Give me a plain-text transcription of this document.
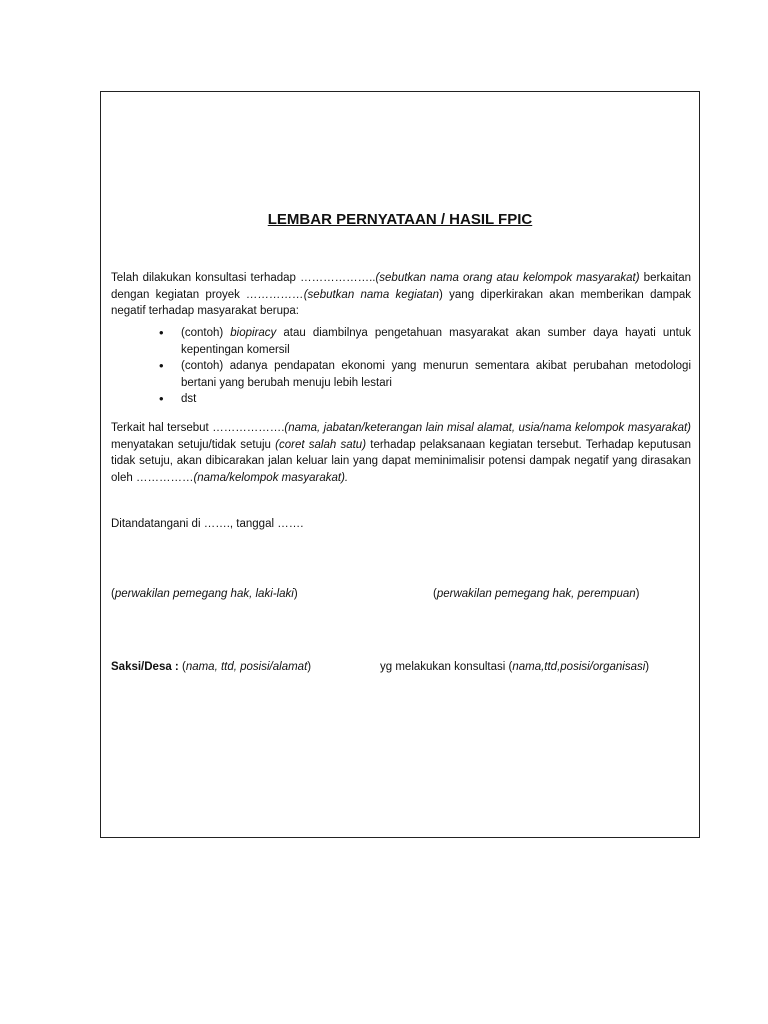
LEMBAR PERNYATAAN / HASIL FPIC
Telah dilakukan konsultasi terhadap ………………..(sebutkan nama orang atau kelompok masyarakat) berkaitan dengan kegiatan proyek ……………(sebutkan nama kegiatan) yang diperkirakan akan memberikan dampak negatif terhadap masyarakat berupa:
• (contoh) biopiracy atau diambilnya pengetahuan masyarakat akan sumber daya hayati untuk kepentingan komersil
• (contoh) adanya pendapatan ekonomi yang menurun sementara akibat perubahan metodologi bertani yang berubah menuju lebih lestari
• dst
Terkait hal tersebut ……………….(nama, jabatan/keterangan lain misal alamat, usia/nama kelompok masyarakat) menyatakan setuju/tidak setuju (coret salah satu) terhadap pelaksanaan kegiatan tersebut. Terhadap keputusan tidak setuju, akan dibicarakan jalan keluar lain yang dapat meminimalisir potensi dampak negatif yang dirasakan oleh ……………(nama/kelompok masyarakat).
Ditandatangani di ……., tanggal …….
(perwakilan pemegang hak, laki-laki)	(perwakilan pemegang hak, perempuan)
Saksi/Desa : (nama, ttd, posisi/alamat)	yg melakukan konsultasi (nama,ttd,posisi/organisasi)
